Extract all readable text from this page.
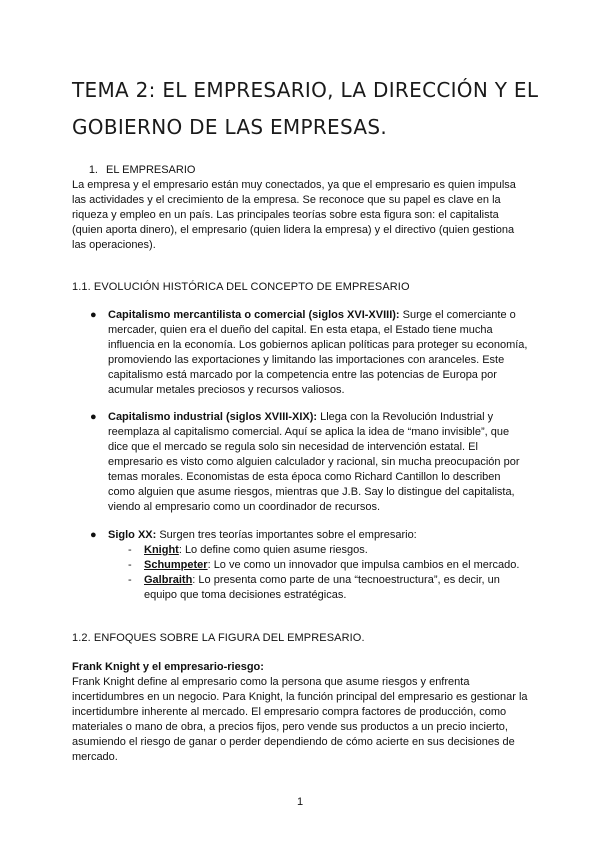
TEMA 2: EL EMPRESARIO, LA DIRECCIÓN Y EL GOBIERNO DE LAS EMPRESAS.

1. EL EMPRESARIO

La empresa y el empresario están muy conectados, ya que el empresario es quien impulsa las actividades y el crecimiento de la empresa. Se reconoce que su papel es clave en la riqueza y empleo en un país. Las principales teorías sobre esta figura son: el capitalista (quien aporta dinero), el empresario (quien lidera la empresa) y el directivo (quien gestiona las operaciones).

1.1. EVOLUCIÓN HISTÓRICA DEL CONCEPTO DE EMPRESARIO

● Capitalismo mercantilista o comercial (siglos XVI-XVIII): Surge el comerciante o mercader, quien era el dueño del capital. En esta etapa, el Estado tiene mucha influencia en la economía. Los gobiernos aplican políticas para proteger su economía, promoviendo las exportaciones y limitando las importaciones con aranceles. Este capitalismo está marcado por la competencia entre las potencias de Europa por acumular metales preciosos y recursos valiosos.
● Capitalismo industrial (siglos XVIII-XIX): Llega con la Revolución Industrial y reemplaza al capitalismo comercial. Aquí se aplica la idea de “mano invisible”, que dice que el mercado se regula solo sin necesidad de intervención estatal. El empresario es visto como alguien calculador y racional, sin mucha preocupación por temas morales. Economistas de esta época como Richard Cantillon lo describen como alguien que asume riesgos, mientras que J.B. Say lo distingue del capitalista, viendo al empresario como un coordinador de recursos.
● Siglo XX: Surgen tres teorías importantes sobre el empresario:
- Knight: Lo define como quien asume riesgos.
- Schumpeter: Lo ve como un innovador que impulsa cambios en el mercado.
- Galbraith: Lo presenta como parte de una “tecnoestructura”, es decir, un equipo que toma decisiones estratégicas.

1.2. ENFOQUES SOBRE LA FIGURA DEL EMPRESARIO.

Frank Knight y el empresario-riesgo:

Frank Knight define al empresario como la persona que asume riesgos y enfrenta incertidumbres en un negocio. Para Knight, la función principal del empresario es gestionar la incertidumbre inherente al mercado. El empresario compra factores de producción, como materiales o mano de obra, a precios fijos, pero vende sus productos a un precio incierto, asumiendo el riesgo de ganar o perder dependiendo de cómo acierte en sus decisiones de mercado.

1
